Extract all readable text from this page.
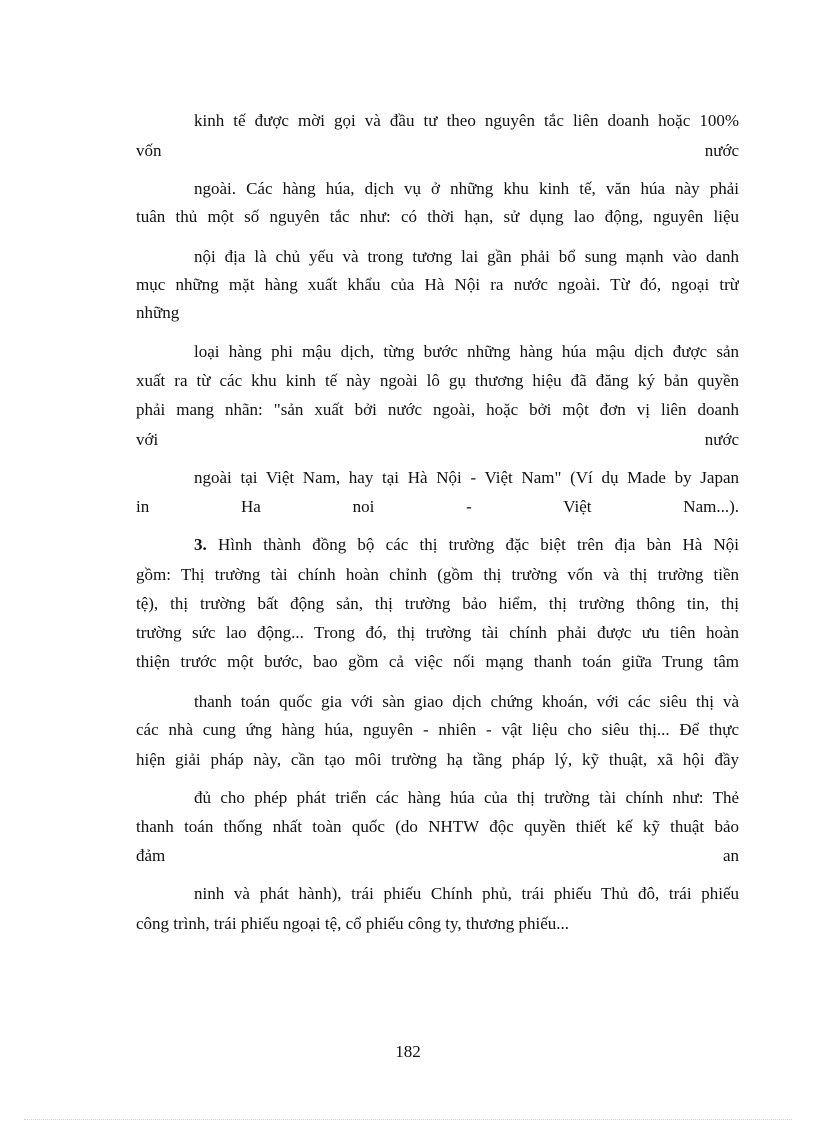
kinh tế được mời gọi và đầu tư theo nguyên tắc liên doanh hoặc 100%
vốn nước
ngoài. Các hàng húa, dịch vụ ở những khu kinh tế, văn húa này phải
tuân thủ một số nguyên tắc như: có thời hạn, sử dụng lao động, nguyên liệu
nội địa là chủ yếu và trong tương lai gần phải bổ sung mạnh vào danh
mục những mặt hàng xuất khẩu của Hà Nội ra nước ngoài. Từ đó, ngoại trừ
những
loại hàng phi mậu dịch, từng bước những hàng húa mậu dịch được sản
xuất ra từ các khu kinh tế này ngoài lô gụ thương hiệu đã đăng ký bản quyền
phải mang nhãn: "sản xuất bởi nước ngoài, hoặc bởi một đơn vị liên doanh
với nước
ngoài tại Việt Nam, hay tại Hà Nội - Việt Nam" (Ví dụ Made by Japan
in Ha noi - Việt Nam...).
3. Hình thành đồng bộ các thị trường đặc biệt trên địa bàn Hà Nội
gồm: Thị trường tài chính hoàn chỉnh (gồm thị trường vốn và thị trường tiền
tệ), thị trường bất động sản, thị trường bảo hiểm, thị trường thông tin, thị
trường sức lao động... Trong đó, thị trường tài chính phải được ưu tiên hoàn
thiện trước một bước, bao gồm cả việc nối mạng thanh toán giữa Trung tâm
thanh toán quốc gia với sàn giao dịch chứng khoán, với các siêu thị và
các nhà cung ứng hàng húa, nguyên - nhiên - vật liệu cho siêu thị... Để thực
hiện giải pháp này, cần tạo môi trường hạ tầng pháp lý, kỹ thuật, xã hội đầy
đủ cho phép phát triển các hàng húa của thị trường tài chính như: Thẻ
thanh toán thống nhất toàn quốc (do NHTW độc quyền thiết kế kỹ thuật bảo
đảm an
ninh và phát hành), trái phiếu Chính phủ, trái phiếu Thủ đô, trái phiếu
công trình, trái phiếu ngoại tệ, cổ phiếu công ty, thương phiếu...
182
